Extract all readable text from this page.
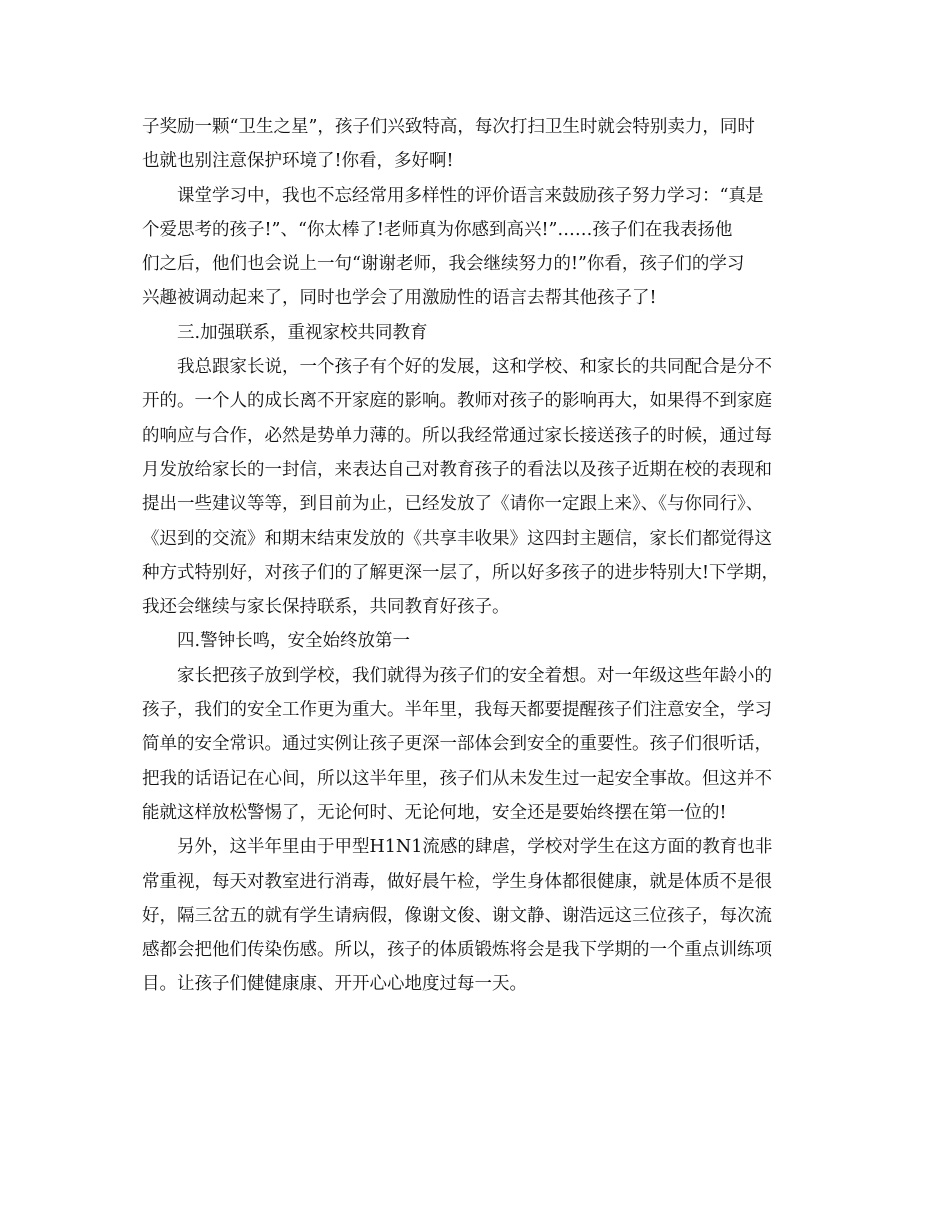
子奖励一颗“卫生之星”，孩子们兴致特高，每次打扫卫生时就会特别卖力，同时
也就也别注意保护环境了!你看，多好啊!
课堂学习中，我也不忘经常用多样性的评价语言来鼓励孩子努力学习：“真是
个爱思考的孩子!”、“你太棒了!老师真为你感到高兴!”……孩子们在我表扬他
们之后，他们也会说上一句“谢谢老师，我会继续努力的!”你看，孩子们的学习
兴趣被调动起来了，同时也学会了用激励性的语言去帮其他孩子了!
三.加强联系，重视家校共同教育
我总跟家长说，一个孩子有个好的发展，这和学校、和家长的共同配合是分不
开的。一个人的成长离不开家庭的影响。教师对孩子的影响再大，如果得不到家庭
的响应与合作，必然是势单力薄的。所以我经常通过家长接送孩子的时候，通过每
月发放给家长的一封信，来表达自己对教育孩子的看法以及孩子近期在校的表现和
提出一些建议等等，到目前为止，已经发放了《请你一定跟上来》、《与你同行》、
《迟到的交流》和期末结束发放的《共享丰收果》这四封主题信，家长们都觉得这
种方式特别好，对孩子们的了解更深一层了，所以好多孩子的进步特别大!下学期，
我还会继续与家长保持联系，共同教育好孩子。
四.警钟长鸣，安全始终放第一
家长把孩子放到学校，我们就得为孩子们的安全着想。对一年级这些年龄小的
孩子，我们的安全工作更为重大。半年里，我每天都要提醒孩子们注意安全，学习
简单的安全常识。通过实例让孩子更深一部体会到安全的重要性。孩子们很听话，
把我的话语记在心间，所以这半年里，孩子们从未发生过一起安全事故。但这并不
能就这样放松警惕了，无论何时、无论何地，安全还是要始终摆在第一位的!
另外，这半年里由于甲型H1N1流感的肆虐，学校对学生在这方面的教育也非
常重视，每天对教室进行消毒，做好晨午检，学生身体都很健康，就是体质不是很
好，隔三岔五的就有学生请病假，像谢文俊、谢文静、谢浩远这三位孩子，每次流
感都会把他们传染伤感。所以，孩子的体质锻炼将会是我下学期的一个重点训练项
目。让孩子们健健康康、开开心心地度过每一天。
